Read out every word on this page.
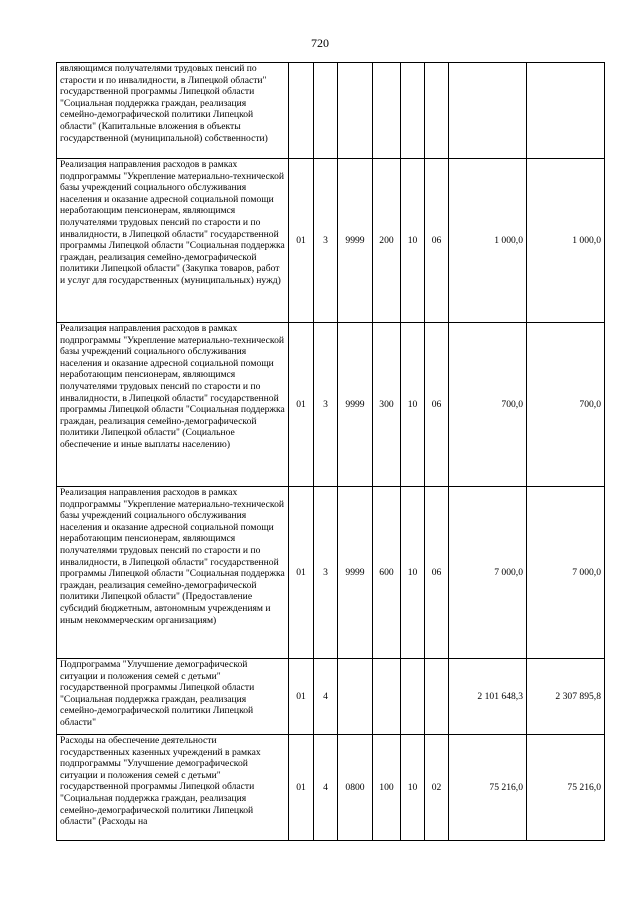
720
являющимся получателями трудовых пенсий по старости и по инвалидности, в Липецкой области" государственной программы Липецкой области "Социальная поддержка граждан, реализация семейно-демографической политики Липецкой области" (Капитальные вложения в объекты государственной (муниципальной) собственности)								
Реализация направления расходов в рамках подпрограммы "Укрепление материально-технической базы учреждений социального обслуживания населения и оказание адресной социальной помощи неработающим пенсионерам, являющимся получателями трудовых пенсий по старости и по инвалидности, в Липецкой области" государственной программы Липецкой области "Социальная поддержка граждан, реализация семейно-демографической политики Липецкой области" (Закупка товаров, работ и услуг для государственных (муниципальных) нужд)	01	3	9999	200	10	06	1 000,0	1 000,0
Реализация направления расходов в рамках подпрограммы "Укрепление материально-технической базы учреждений социального обслуживания населения и оказание адресной социальной помощи неработающим пенсионерам, являющимся получателями трудовых пенсий по старости и по инвалидности, в Липецкой области" государственной программы Липецкой области "Социальная поддержка граждан, реализация семейно-демографической политики Липецкой области" (Социальное обеспечение и иные выплаты населению)	01	3	9999	300	10	06	700,0	700,0
Реализация направления расходов в рамках подпрограммы "Укрепление материально-технической базы учреждений социального обслуживания населения и оказание адресной социальной помощи неработающим пенсионерам, являющимся получателями трудовых пенсий по старости и по инвалидности, в Липецкой области" государственной программы Липецкой области "Социальная поддержка граждан, реализация семейно-демографической политики Липецкой области" (Предоставление субсидий бюджетным, автономным учреждениям и иным некоммерческим организациям)	01	3	9999	600	10	06	7 000,0	7 000,0
Подпрограмма "Улучшение демографической ситуации и положения семей с детьми" государственной программы Липецкой области "Социальная поддержка граждан, реализация семейно-демографической политики Липецкой области"	01	4					2 101 648,3	2 307 895,8
Расходы на обеспечение деятельности государственных казенных учреждений в рамках подпрограммы "Улучшение демографической ситуации и положения семей с детьми" государственной программы Липецкой области "Социальная поддержка граждан, реализация семейно-демографической политики Липецкой области" (Расходы на	01	4	0800	100	10	02	75 216,0	75 216,0
